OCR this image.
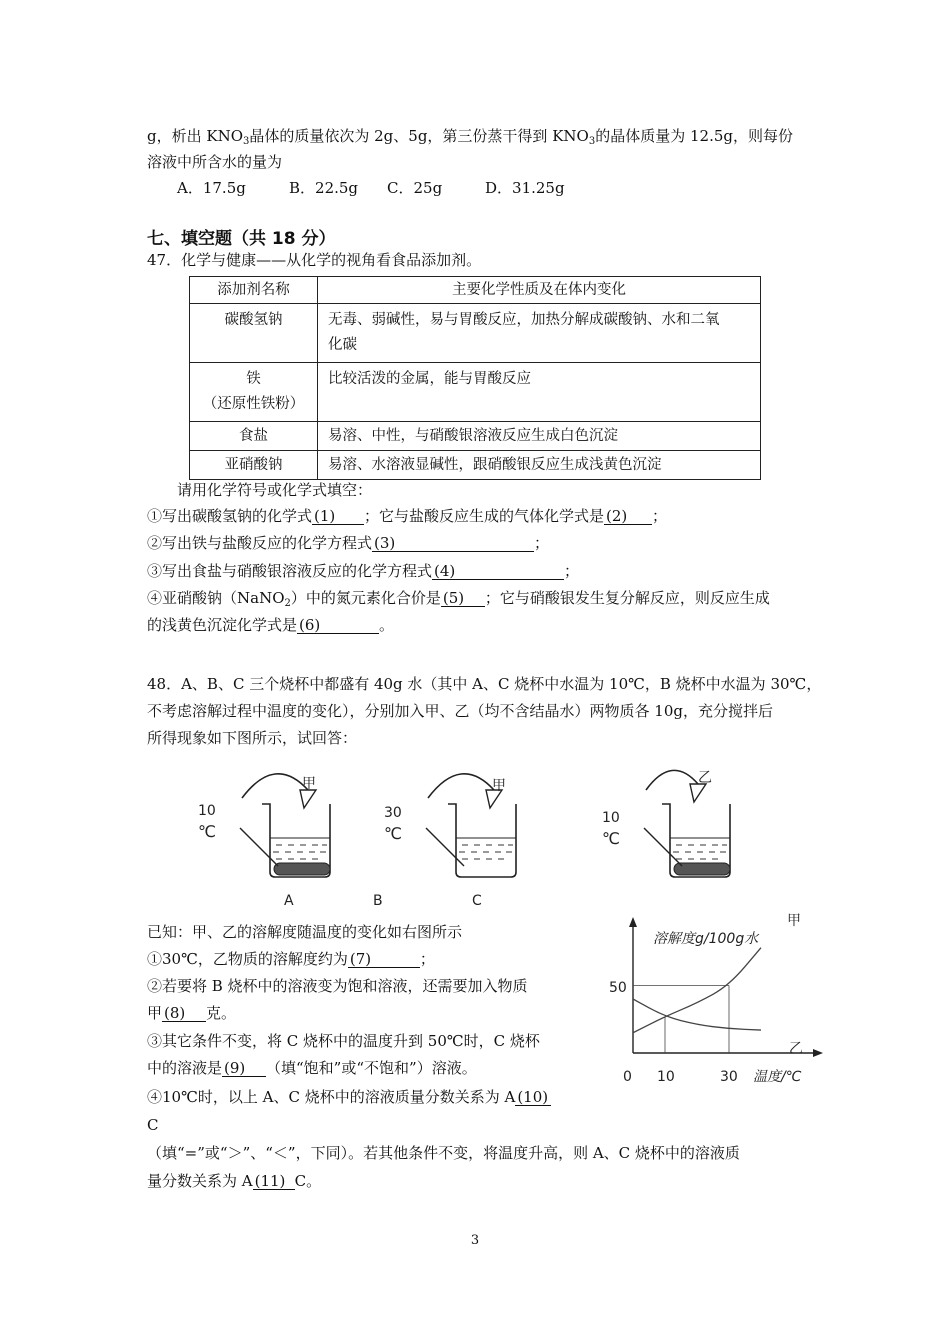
g，析出 $KNO_3$晶体的质量依次为 2g、5g，第三份蒸干得到 $KNO_3$的晶体质量为 12.5g，则每份
溶液中所含水的量为
A．17.5g	B．22.5g C．25g	D．31.25g
七、填空题（共 18 分）
47．化学与健康——从化学的视角看食品添加剂。
添加剂名称	主要化学性质及在体内变化
碳酸氢钠	无毒、弱碱性，易与胃酸反应，加热分解成碳酸钠、水和二氧
化碳

铁
（还原性铁粉）	比较活泼的金属，能与胃酸反应
食盐	易溶、中性，与硝酸银溶液反应生成白色沉淀
亚硝酸钠	易溶、水溶液显碱性，跟硝酸银反应生成浅黄色沉淀
请用化学符号或化学式填空：
①写出碳酸氢钠的化学式 (1) ；它与盐酸反应生成的气体化学式是 (2) ；
②写出铁与盐酸反应的化学方程式 (3)	；
③写出食盐与硝酸银溶液反应的化学方程式 (4)	；
④亚硝酸钠（NaNO$_2$）中的氮元素化合价是 (5) ；它与硝酸银发生复分解反应，则反应生成
的浅黄色沉淀化学式是 (6)	。
48．A、B、C 三个烧杯中都盛有 40g 水（其中 A、C 烧杯中水温为 10℃，B 烧杯中水温为 30℃，
不考虑溶解过程中温度的变化），分别加入甲、乙（均不含结晶水）两物质各 10g，充分搅拌后
所得现象如下图所示，试回答：
甲	甲	乙
10
℃
30
℃
10
℃
A	B	C
已知：甲、乙的溶解度随温度的变化如右图所示
①30℃，乙物质的溶解度约为 (7)	；
②若要将 B 烧杯中的溶液变为饱和溶液，还需要加入物质
甲 (8) 克。
③其它条件不变，将 C 烧杯中的温度升到 50℃时，C 烧杯
中的溶液是 (9) （填“饱和”或“不饱和”）溶液。
④10℃时，以上 A、C 烧杯中的溶液质量分数关系为 A (10)
C
（填“=”或“＞”、“＜”，下同）。若其他条件不变，将温度升高，则 A、C 烧杯中的溶液质
量分数关系为 A (11) C。
溶解度g/100g水
甲
乙
50
0 10	30 温度/℃
3
